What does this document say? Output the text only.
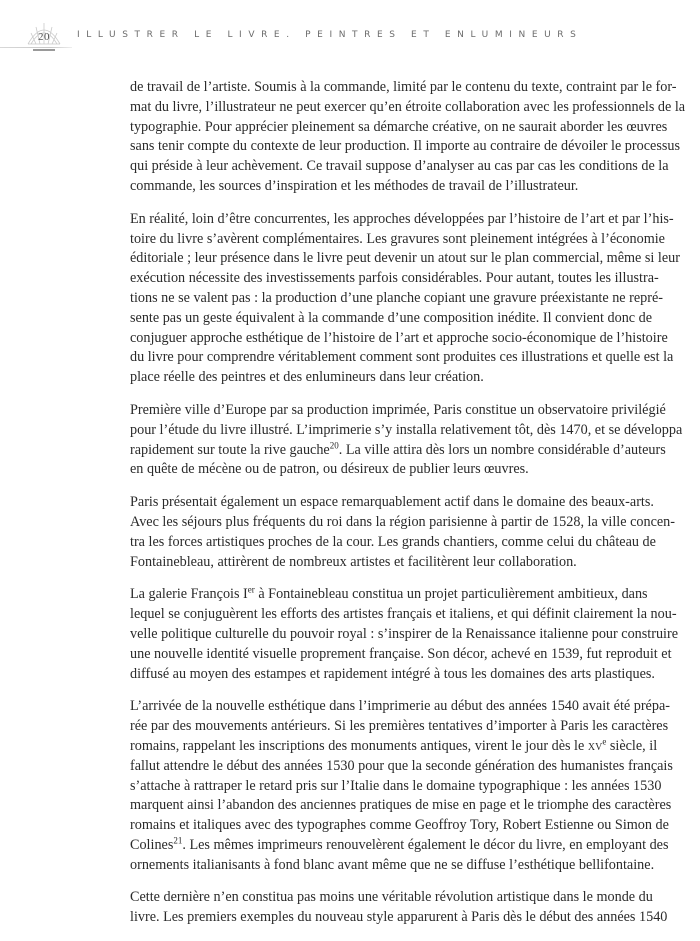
20	ILLUSTRER LE LIVRE. PEINTRES ET ENLUMINEURS

de travail de l’artiste. Soumis à la commande, limité par le contenu du texte, contraint par le for-
mat du livre, l’illustrateur ne peut exercer qu’en étroite collaboration avec les professionnels de la
typographie. Pour apprécier pleinement sa démarche créative, on ne saurait aborder les œuvres
sans tenir compte du contexte de leur production. Il importe au contraire de dévoiler le processus
qui préside à leur achèvement. Ce travail suppose d’analyser au cas par cas les conditions de la
commande, les sources d’inspiration et les méthodes de travail de l’illustrateur.

En réalité, loin d’être concurrentes, les approches développées par l’histoire de l’art et par l’his-
toire du livre s’avèrent complémentaires. Les gravures sont pleinement intégrées à l’économie
éditoriale ; leur présence dans le livre peut devenir un atout sur le plan commercial, même si leur
exécution nécessite des investissements parfois considérables. Pour autant, toutes les illustra-
tions ne se valent pas : la production d’une planche copiant une gravure préexistante ne repré-
sente pas un geste équivalent à la commande d’une composition inédite. Il convient donc de
conjuguer approche esthétique de l’histoire de l’art et approche socio-économique de l’histoire
du livre pour comprendre véritablement comment sont produites ces illustrations et quelle est la
place réelle des peintres et des enlumineurs dans leur création.

Première ville d’Europe par sa production imprimée, Paris constitue un observatoire privilégié
pour l’étude du livre illustré. L’imprimerie s’y installa relativement tôt, dès 1470, et se développa
rapidement sur toute la rive gauche$^{20}$. La ville attira dès lors un nombre considérable d’auteurs
en quête de mécène ou de patron, ou désireux de publier leurs œuvres.

Paris présentait également un espace remarquablement actif dans le domaine des beaux-arts.
Avec les séjours plus fréquents du roi dans la région parisienne à partir de 1528, la ville concen-
tra les forces artistiques proches de la cour. Les grands chantiers, comme celui du château de
Fontainebleau, attirèrent de nombreux artistes et facilitèrent leur collaboration.

La galerie François Ier à Fontainebleau constitua un projet particulièrement ambitieux, dans
lequel se conjuguèrent les efforts des artistes français et italiens, et qui définit clairement la nou-
velle politique culturelle du pouvoir royal : s’inspirer de la Renaissance italienne pour construire
une nouvelle identité visuelle proprement française. Son décor, achevé en 1539, fut reproduit et
diffusé au moyen des estampes et rapidement intégré à tous les domaines des arts plastiques.

L’arrivée de la nouvelle esthétique dans l’imprimerie au début des années 1540 avait été prépa-
rée par des mouvements antérieurs. Si les premières tentatives d’importer à Paris les caractères
romains, rappelant les inscriptions des monuments antiques, virent le jour dès le $xv^e$ siècle, il
fallut attendre le début des années 1530 pour que la seconde génération des humanistes français
s’attache à rattraper le retard pris sur l’Italie dans le domaine typographique : les années 1530
marquent ainsi l’abandon des anciennes pratiques de mise en page et le triomphe des caractères
romains et italiques avec des typographes comme Geoffroy Tory, Robert Estienne ou Simon de
Colines$^{21}$. Les mêmes imprimeurs renouvelèrent également le décor du livre, en employant des
ornements italianisants à fond blanc avant même que ne se diffuse l’esthétique bellifontaine.

Cette dernière n’en constitua pas moins une véritable révolution artistique dans le monde du
livre. Les premiers exemples du nouveau style apparurent à Paris dès le début des années 1540
